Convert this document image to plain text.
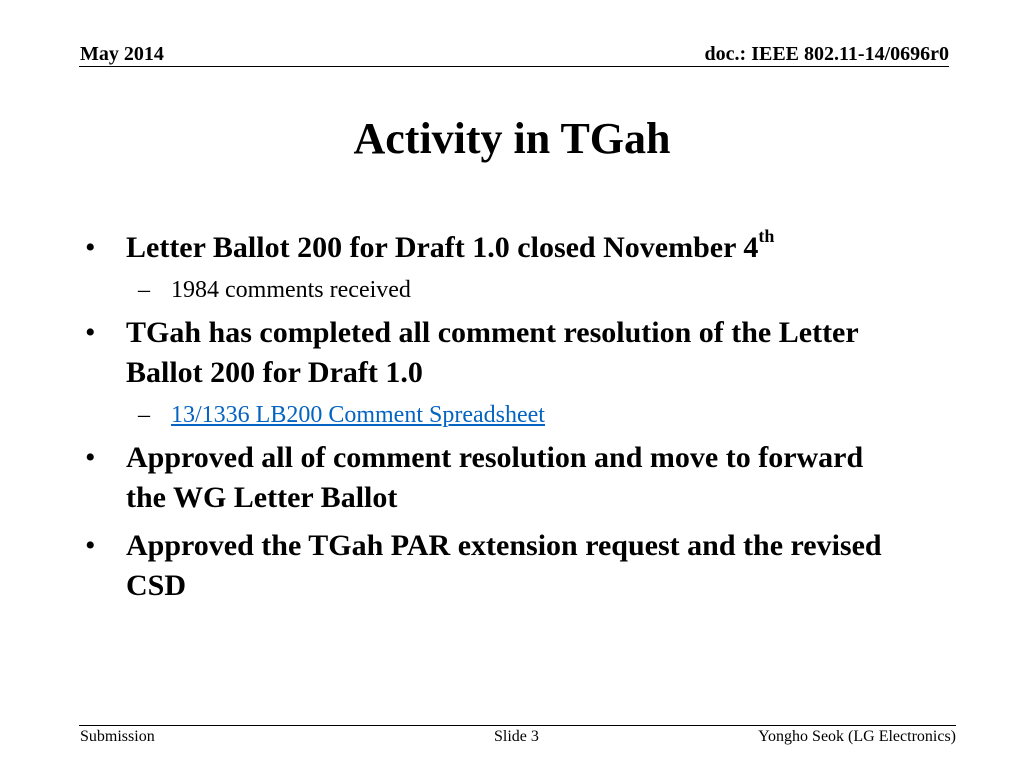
May 2014	doc.: IEEE 802.11-14/0696r0
Activity in TGah
• Letter Ballot 200 for Draft 1.0 closed November 4th
– 1984 comments received
• TGah has completed all comment resolution of the Letter Ballot 200 for Draft 1.0
– 13/1336 LB200 Comment Spreadsheet
• Approved all of comment resolution and move to forward the WG Letter Ballot
• Approved the TGah PAR extension request and the revised CSD
Submission	Slide 3	Yongho Seok (LG Electronics)
